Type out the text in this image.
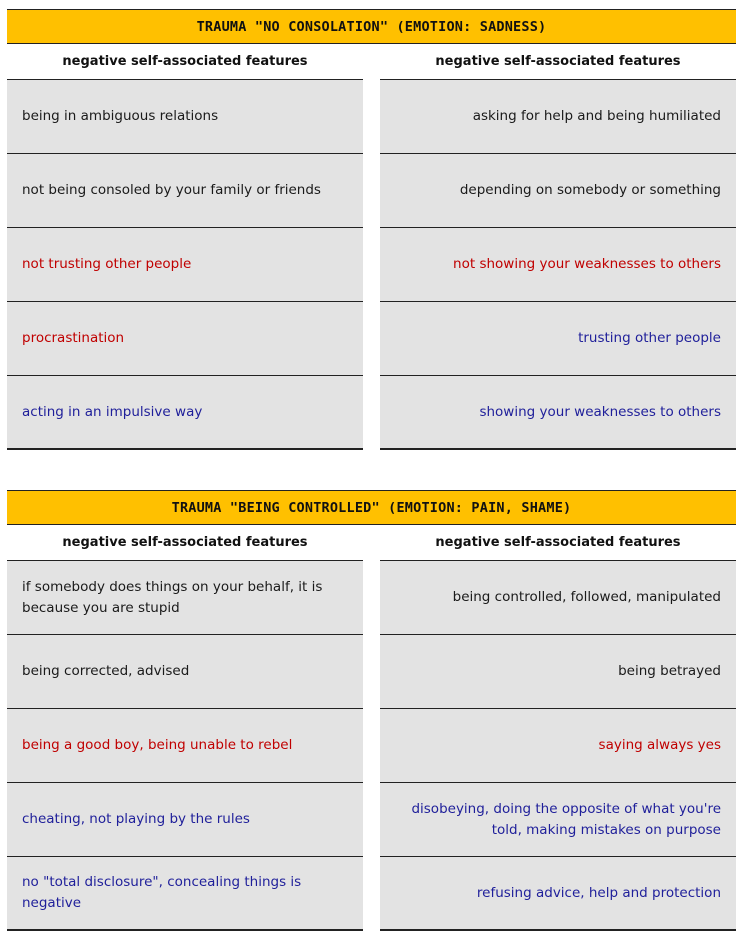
TRAUMA "NO CONSOLATION" (EMOTION: SADNESS)
negative self-associated features
being in ambiguous relations
not being consoled by your family or friends
not trusting other people
procrastination
acting in an impulsive way
negative self-associated features
asking for help and being humiliated
depending on somebody or something
not showing your weaknesses to others
trusting other people
showing your weaknesses to others
TRAUMA "BEING CONTROLLED" (EMOTION: PAIN, SHAME)
negative self-associated features
if somebody does things on your behalf, it is because you are stupid
being corrected, advised
being a good boy, being unable to rebel
cheating, not playing by the rules
no "total disclosure", concealing things is negative
negative self-associated features
being controlled, followed, manipulated
being betrayed
saying always yes
disobeying, doing the opposite of what you're told, making mistakes on purpose
refusing advice, help and protection
